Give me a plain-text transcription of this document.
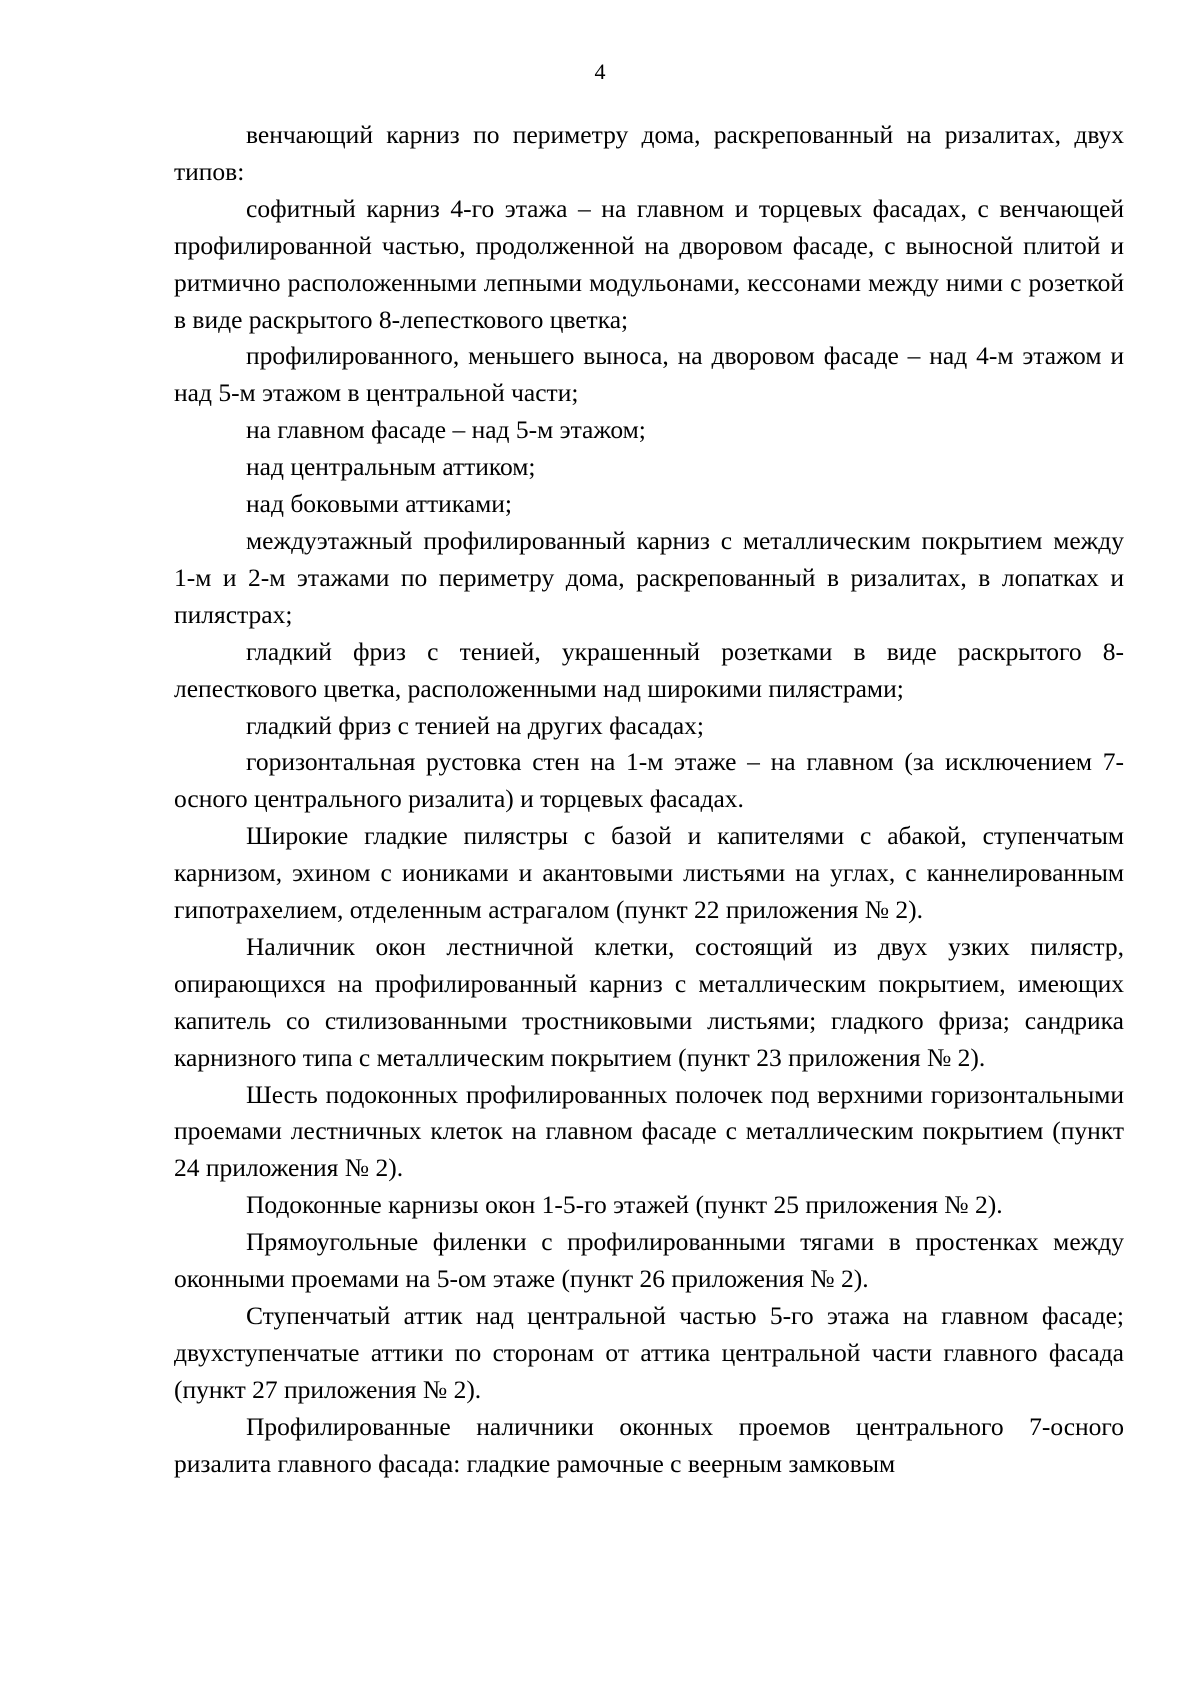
4

венчающий карниз по периметру дома, раскрепованный на ризалитах, двух типов:

софитный карниз 4-го этажа – на главном и торцевых фасадах, с венчающей профилированной частью, продолженной на дворовом фасаде, с выносной плитой и ритмично расположенными лепными модульонами, кессонами между ними с розеткой в виде раскрытого 8-лепесткового цветка;

профилированного, меньшего выноса, на дворовом фасаде – над 4-м этажом и над 5-м этажом в центральной части;

на главном фасаде – над 5-м этажом;

над центральным аттиком;

над боковыми аттиками;

междуэтажный профилированный карниз с металлическим покрытием между 1-м и 2-м этажами по периметру дома, раскрепованный в ризалитах, в лопатках и пилястрах;

гладкий фриз с тенией, украшенный розетками в виде раскрытого 8-лепесткового цветка, расположенными над широкими пилястрами;

гладкий фриз с тенией на других фасадах;

горизонтальная рустовка стен на 1-м этаже – на главном (за исключением 7-осного центрального ризалита) и торцевых фасадах.

Широкие гладкие пилястры с базой и капителями с абакой, ступенчатым карнизом, эхином с иониками и акантовыми листьями на углах, с каннелированным гипотрахелием, отделенным астрагалом (пункт 22 приложения № 2).

Наличник окон лестничной клетки, состоящий из двух узких пилястр, опирающихся на профилированный карниз с металлическим покрытием, имеющих капитель со стилизованными тростниковыми листьями; гладкого фриза; сандрика карнизного типа с металлическим покрытием (пункт 23 приложения № 2).

Шесть подоконных профилированных полочек под верхними горизонтальными проемами лестничных клеток на главном фасаде с металлическим покрытием (пункт 24 приложения № 2).

Подоконные карнизы окон 1-5-го этажей (пункт 25 приложения № 2).

Прямоугольные филенки с профилированными тягами в простенках между оконными проемами на 5-ом этаже (пункт 26 приложения № 2).

Ступенчатый аттик над центральной частью 5-го этажа на главном фасаде; двухступенчатые аттики по сторонам от аттика центральной части главного фасада (пункт 27 приложения № 2).

Профилированные наличники оконных проемов центрального 7-осного ризалита главного фасада: гладкие рамочные с веерным замковым
